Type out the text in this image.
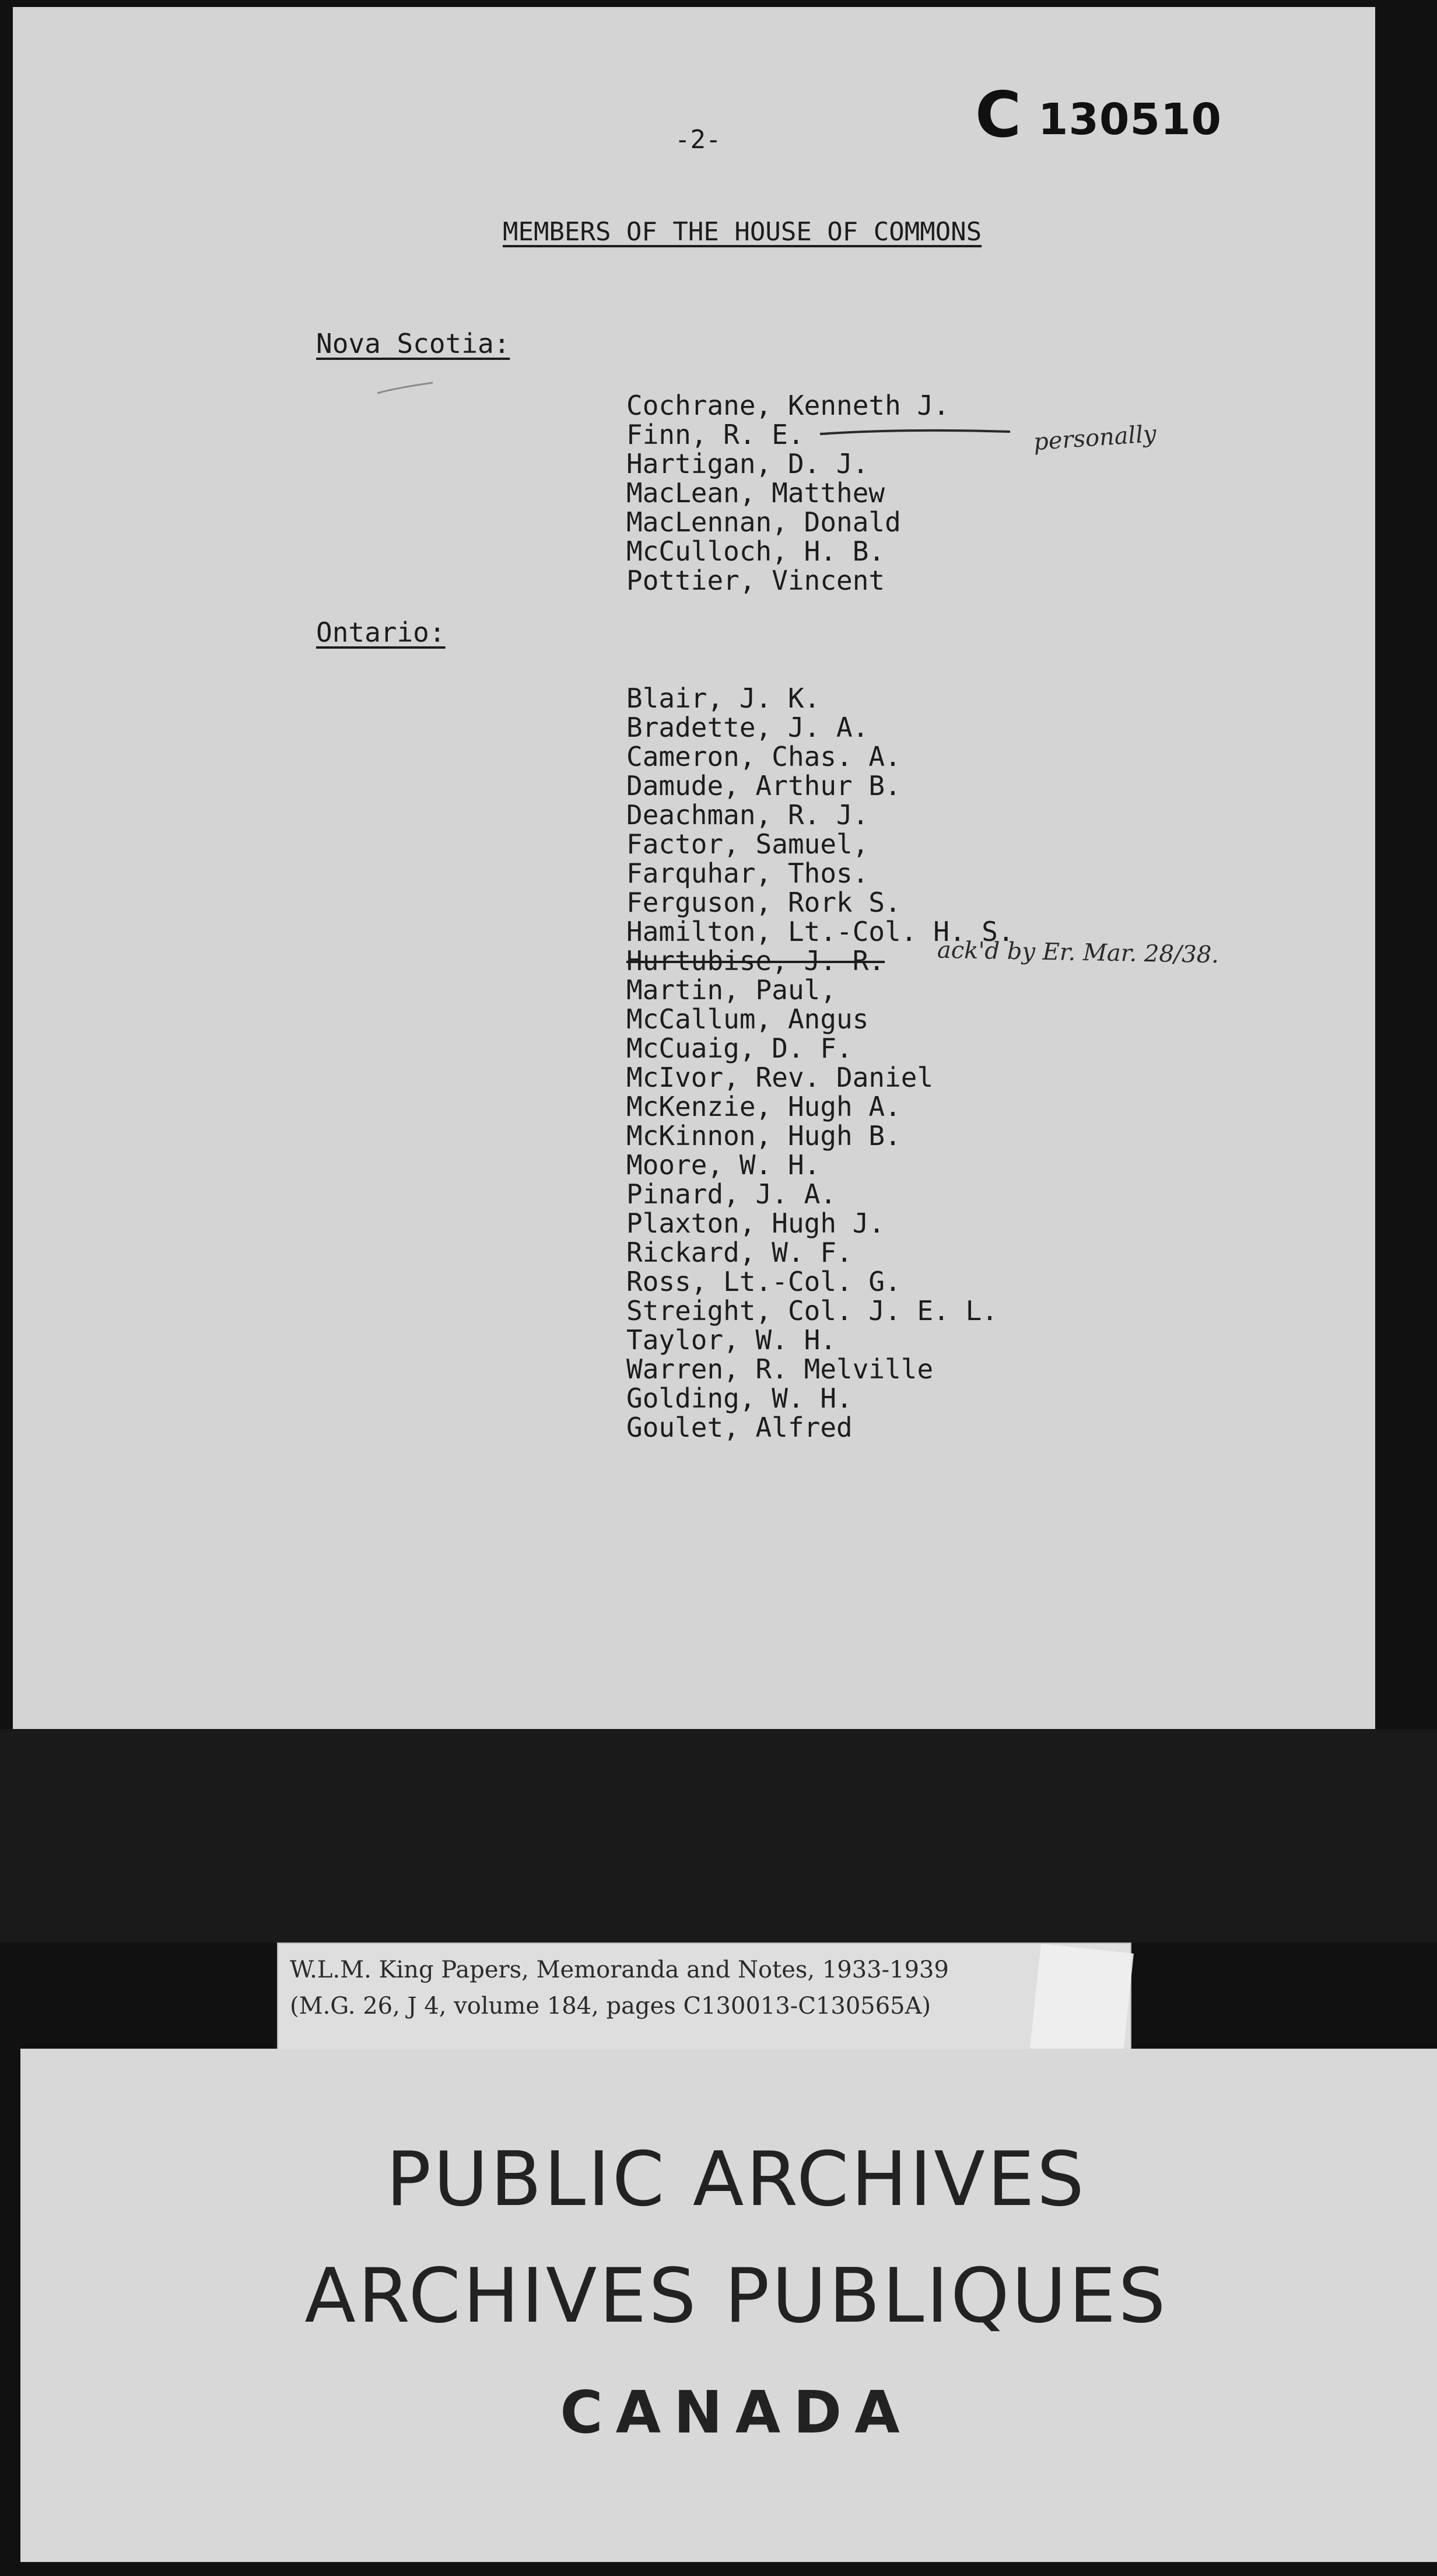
C 130510

-2-

MEMBERS OF THE HOUSE OF COMMONS

Nova Scotia:

Cochrane, Kenneth J.
Finn, R. E.
Hartigan, D. J.
MacLean, Matthew
MacLennan, Donald
McCulloch, H. B.
Pottier, Vincent
personally

Ontario:

Blair, J. K.
Bradette, J. A.
Cameron, Chas. A.
Damude, Arthur B.
Deachman, R. J.
Factor, Samuel,
Farquhar, Thos.
Ferguson, Rork S.
Hamilton, Lt.-Col. H. S.
Hurtubise, J. R.
Martin, Paul,
McCallum, Angus
McCuaig, D. F.
McIvor, Rev. Daniel
McKenzie, Hugh A.
McKinnon, Hugh B.
Moore, W. H.
Pinard, J. A.
Plaxton, Hugh J.
Rickard, W. F.
Ross, Lt.-Col. G.
Streight, Col. J. E. L.
Taylor, W. H.
Warren, R. Melville
Golding, W. H.
Goulet, Alfred
ack'd by Er. Mar. 28/38.
W.L.M. King Papers, Memoranda and Notes, 1933-1939
(M.G. 26, J 4, volume 184, pages C130013-C130565A)
PUBLIC ARCHIVES
ARCHIVES PUBLIQUES
CANADA
